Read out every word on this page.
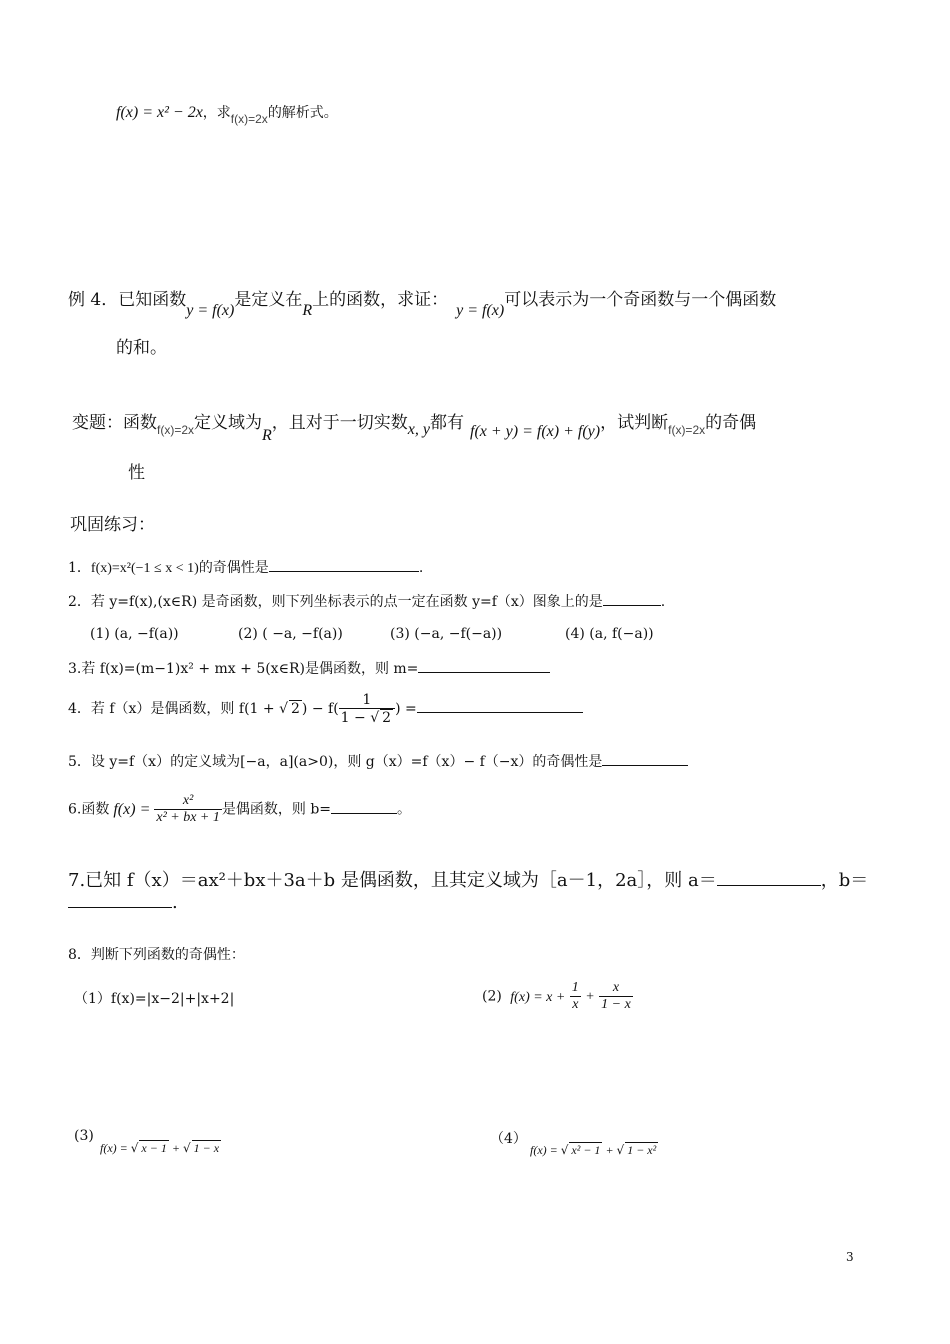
f(x) = x² − 2x，求f(x)=2x的解析式。
例 4．已知函数y = f(x)是定义在R上的函数，求证：y = f(x)可以表示为一个奇函数与一个偶函数
的和。
变题：函数$_{f(x)=2x}$定义域为R，且对于一切实数x, y都有 f(x + y) = f(x) + f(y)，试判断$_{f(x)=2x}$的奇偶
性
巩固练习：
1．f(x)=x²(−1 ≤ x < 1)的奇偶性是	.
2．若 y=f(x),(x∈R) 是奇函数，则下列坐标表示的点一定在函数 y=f（x）图象上的是	.
(1) (a, −f(a))	(2) ( −a, −f(a))	(3) (−a, −f(−a))	(4) (a, f(−a))
3.若 f(x)=(m−1)x² + mx + 5(x∈R)是偶函数，则 m=
4．若 f（x）是偶函数，则 f(1 + √ 2 ) − $f( \frac{1}{1 - √ 2}$ ) =
5．设 y=f（x）的定义域为[−a，a](a>0)，则 g（x）=f（x）− f（−x）的奇偶性是
6.函数 $f(x) = \frac{\text{x²}}{\text{x² + bx + 1}}$ 是偶函数，则 b=	。
7.已知 f（x）＝ax²＋bx＋3a＋b 是偶函数，且其定义域为［a－1，2a］，则 a＝	，b＝
.
8．判断下列函数的奇偶性：
（1）f(x)=|x−2|+|x+2|	(2) $f(x) = x + \frac{1}{x} + \frac{x}{1 - x}$
(3)
f(x) = √ x − 1 + √ 1 − x
（4）
f(x) = √ x² − 1 + √ 1 − x²
3
